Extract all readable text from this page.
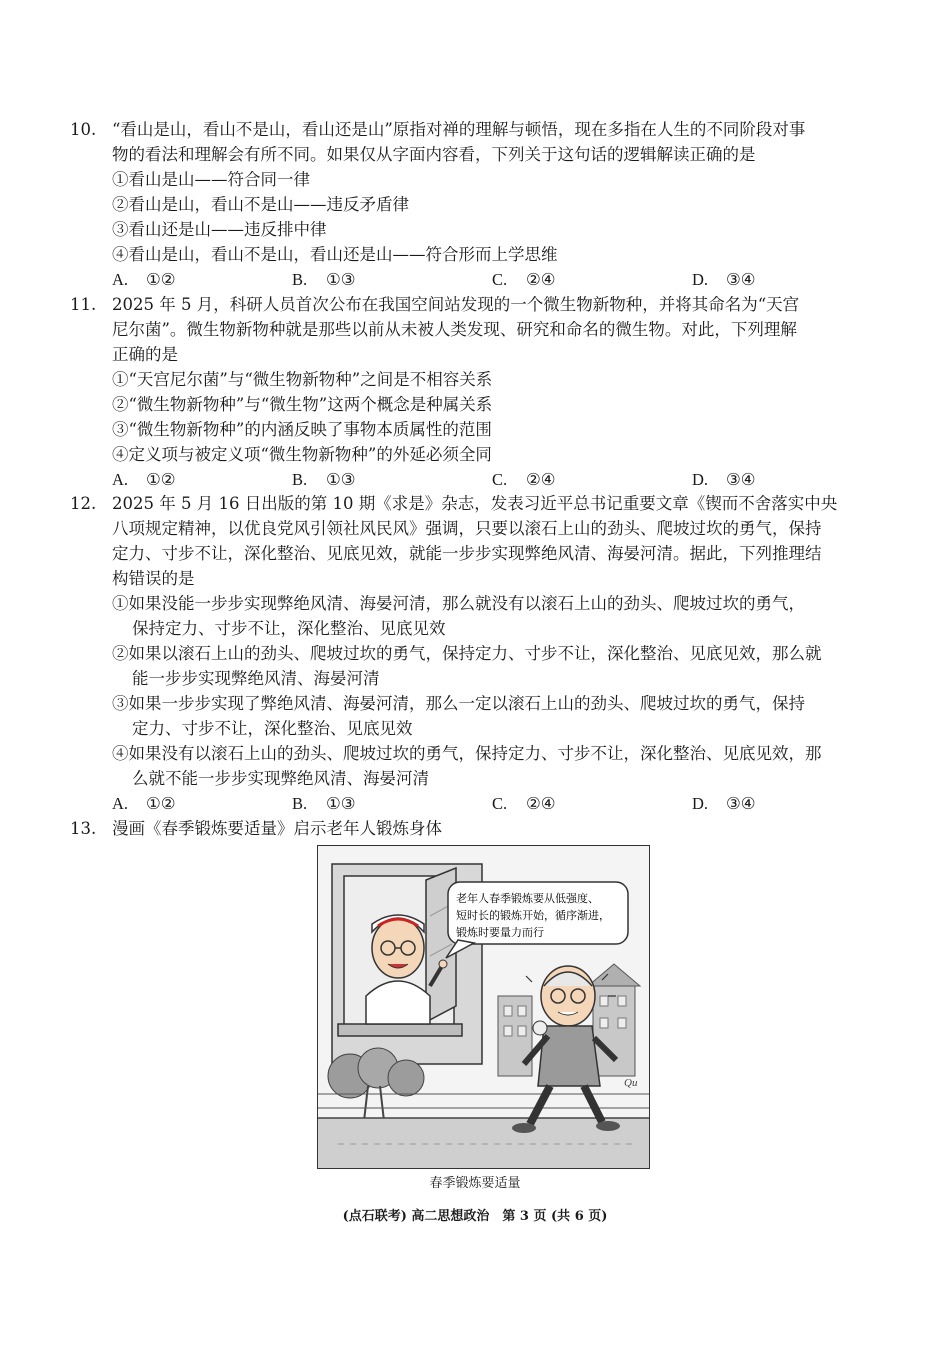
10. “看山是山，看山不是山，看山还是山”原指对禅的理解与顿悟，现在多指在人生的不同阶段对事
物的看法和理解会有所不同。如果仅从字面内容看，下列关于这句话的逻辑解读正确的是
①看山是山——符合同一律
②看山是山，看山不是山——违反矛盾律
③看山还是山——违反排中律
④看山是山，看山不是山，看山还是山——符合形而上学思维
A. ①②	B. ①③	C. ②④	D. ③④
11. 2025 年 5 月，科研人员首次公布在我国空间站发现的一个微生物新物种，并将其命名为“天宫
尼尔菌”。微生物新物种就是那些以前从未被人类发现、研究和命名的微生物。对此，下列理解
正确的是
①“天宫尼尔菌”与“微生物新物种”之间是不相容关系
②“微生物新物种”与“微生物”这两个概念是种属关系
③“微生物新物种”的内涵反映了事物本质属性的范围
④定义项与被定义项“微生物新物种”的外延必须全同
A. ①②	B. ①③	C. ②④	D. ③④
12. 2025 年 5 月 16 日出版的第 10 期《求是》杂志，发表习近平总书记重要文章《锲而不舍落实中央
八项规定精神，以优良党风引领社风民风》强调，只要以滚石上山的劲头、爬坡过坎的勇气，保持
定力、寸步不让，深化整治、见底见效，就能一步步实现弊绝风清、海晏河清。据此，下列推理结
构错误的是
①如果没能一步步实现弊绝风清、海晏河清，那么就没有以滚石上山的劲头、爬坡过坎的勇气，
保持定力、寸步不让，深化整治、见底见效
②如果以滚石上山的劲头、爬坡过坎的勇气，保持定力、寸步不让，深化整治、见底见效，那么就
能一步步实现弊绝风清、海晏河清
③如果一步步实现了弊绝风清、海晏河清，那么一定以滚石上山的劲头、爬坡过坎的勇气，保持
定力、寸步不让，深化整治、见底见效
④如果没有以滚石上山的劲头、爬坡过坎的勇气，保持定力、寸步不让，深化整治、见底见效，那
么就不能一步步实现弊绝风清、海晏河清
A. ①②	B. ①③	C. ②④	D. ③④
13. 漫画《春季锻炼要适量》启示老年人锻炼身体
老年人春季锻炼要从低强度、
短时长的锻炼开始，循序渐进，
锻炼时要量力而行
Qu
春季锻炼要适量
(点石联考) 高二思想政治　第 3 页 (共 6 页)
